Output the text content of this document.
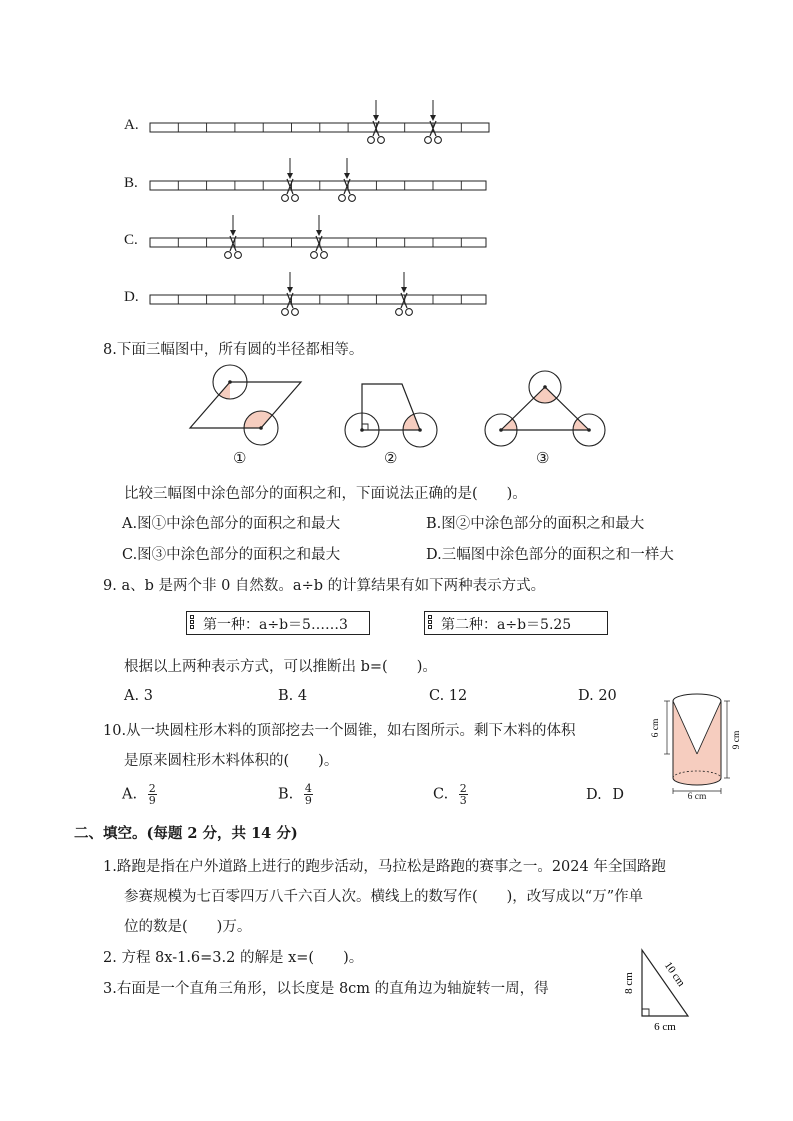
A.
B.
C.
D.
8.下面三幅图中，所有圆的半径都相等。
①	②	③
比较三幅图中涂色部分的面积之和，下面说法正确的是(　　)。
A.图①中涂色部分的面积之和最大	B.图②中涂色部分的面积之和最大
C.图③中涂色部分的面积之和最大	D.三幅图中涂色部分的面积之和一样大
9. a、b 是两个非 0 自然数。a÷b 的计算结果有如下两种表示方式。
第一种：a÷b＝5……3	第二种：a÷b＝5.25
根据以上两种表示方式，可以推断出 b=(　　)。
A. 3	B. 4	C. 12	D. 20
10.从一块圆柱形木料的顶部挖去一个圆锥，如右图所示。剩下木料的体积
是原来圆柱形木料体积的(　　)。
A. $\frac{2}{9}$	B. $\frac{4}{9}$	C. $\frac{2}{3}$	D. D
6 cm
9 cm
6 cm
二、填空。(每题 2 分，共 14 分)
1.路跑是指在户外道路上进行的跑步活动，马拉松是路跑的赛事之一。2024 年全国路跑
参赛规模为七百零四万八千六百人次。横线上的数写作(　　)，改写成以“万”作单
位的数是(　　)万。
2. 方程 8x-1.6=3.2 的解是 x=(　　)。
3.右面是一个直角三角形，以长度是 8cm 的直角边为轴旋转一周，得	8 cm
6 cm
10 cm
